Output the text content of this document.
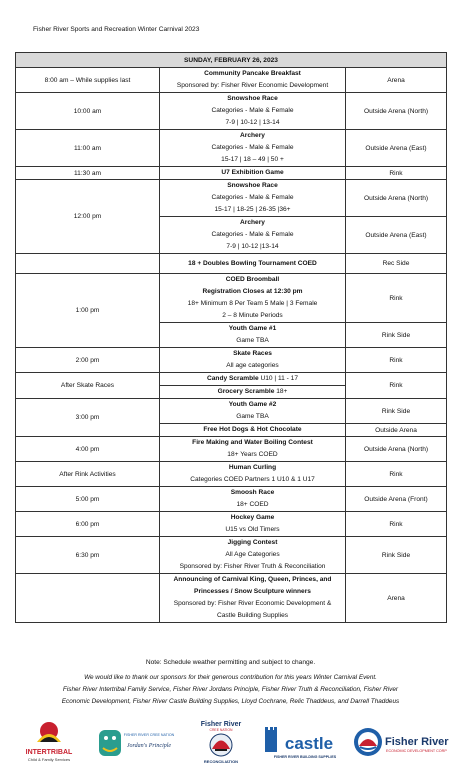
Fisher River Sports and Recreation Winter Carnival 2023
SUNDAY, FEBRUARY 26, 2023		
8:00 am – While supplies last	Community Pancake Breakfast
Sponsored by: Fisher River Economic Development	Arena
10:00 am	Snowshoe Race
Categories - Male & Female
7-9 | 10-12 | 13-14	Outside Arena (North)
11:00 am	Archery
Categories - Male & Female
15-17 | 18 – 49 | 50 +	Outside Arena (East)
11:30 am	U7 Exhibition Game	Rink
12:00 pm	Snowshoe Race
Categories - Male & Female
15-17 | 18-25 | 26-35 |36+	Outside Arena (North)

	Archery
Categories - Male & Female
7-9 | 10-12 |13-14	Outside Arena (East)

	18 + Doubles Bowling Tournament COED	Rec Side
1:00 pm	COED Broomball
Registration Closes at 12:30 pm
18+ Minimum 8 Per Team 5 Male | 3 Female
2 – 8 Minute Periods	Rink

	Youth Game #1
Game TBA	Rink Side
2:00 pm	Skate Races
All age categories	Rink
After Skate Races	Candy Scramble U10 | 11 - 17	Rink

	Grocery Scramble 18+	

3:00 pm	Youth Game #2
Game TBA	Rink Side

	Free Hot Dogs & Hot Chocolate	Outside Arena
4:00 pm	Fire Making and Water Boiling Contest
18+ Years COED	Outside Arena (North)
After Rink Activities	Human Curling
Categories COED Partners 1 U10 & 1 U17	Rink
5:00 pm	Smoosh Race
18+ COED	Outside Arena (Front)
6:00 pm	Hockey Game
U15 vs Old Timers	Rink
6:30 pm	Jigging Contest
All Age Categories
Sponsored by: Fisher River Truth & Reconciliation	Rink Side

	Announcing of Carnival King, Queen, Princes, and
Princesses / Snow Sculpture winners
Sponsored by: Fisher River Economic Development &
Castle Building Supplies	Arena
Note: Schedule weather permitting and subject to change.
We would like to thank our sponsors for their generous contribution for this years Winter Carnival Event.
Fisher River Intertribal Family Service, Fisher River Jordans Principle, Fisher River Truth & Reconciliation, Fisher River
Economic Development, Fisher River Castle Building Supplies, Lloyd Cochrane, Relic Thaddeus, and Darrell Thaddeus
INTERTRIBAL
Child & Family Services
FISHER RIVER CREE NATION
Jordan's Principle
Fisher River
CREE NATION
RECONCILIATION
castle
FISHER RIVER BUILDING SUPPLIES
Fisher River
ECONOMIC DEVELOPMENT CORP
